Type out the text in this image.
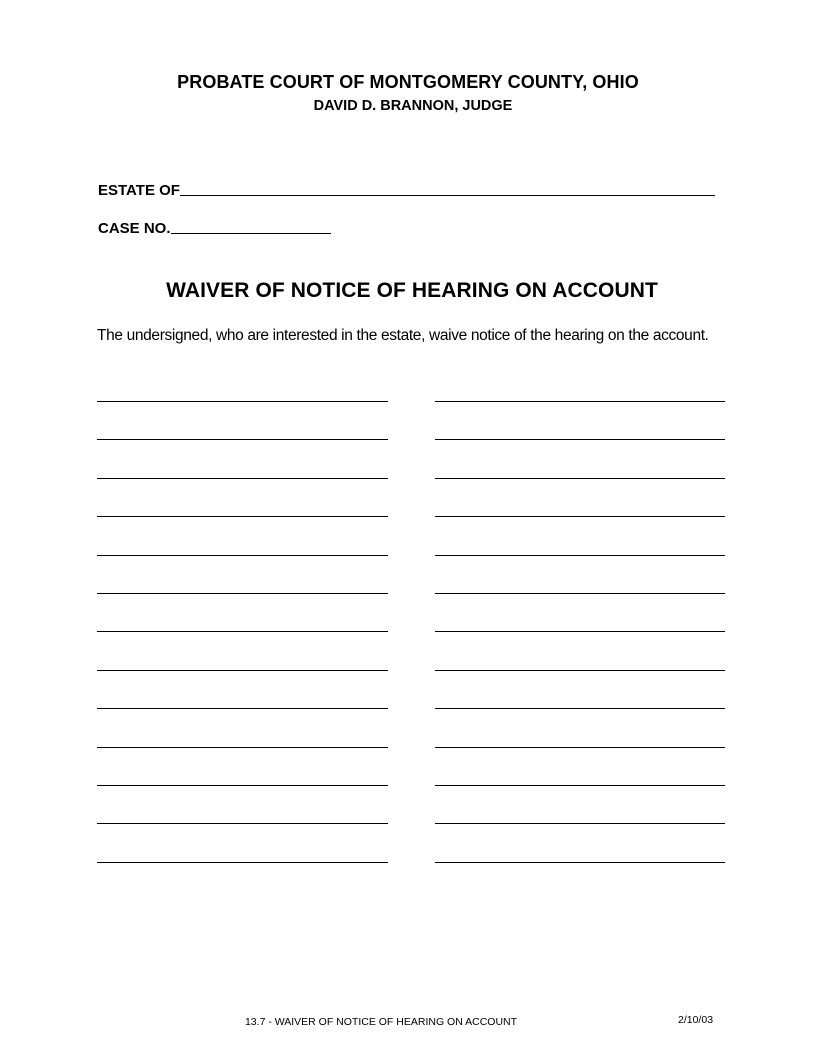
PROBATE COURT OF MONTGOMERY COUNTY, OHIO
DAVID D. BRANNON, JUDGE
ESTATE OF
CASE NO.
WAIVER OF NOTICE OF HEARING ON ACCOUNT
The undersigned, who are interested in the estate, waive notice of the hearing on the account.
13.7 - WAIVER OF NOTICE OF HEARING ON ACCOUNT	2/10/03
